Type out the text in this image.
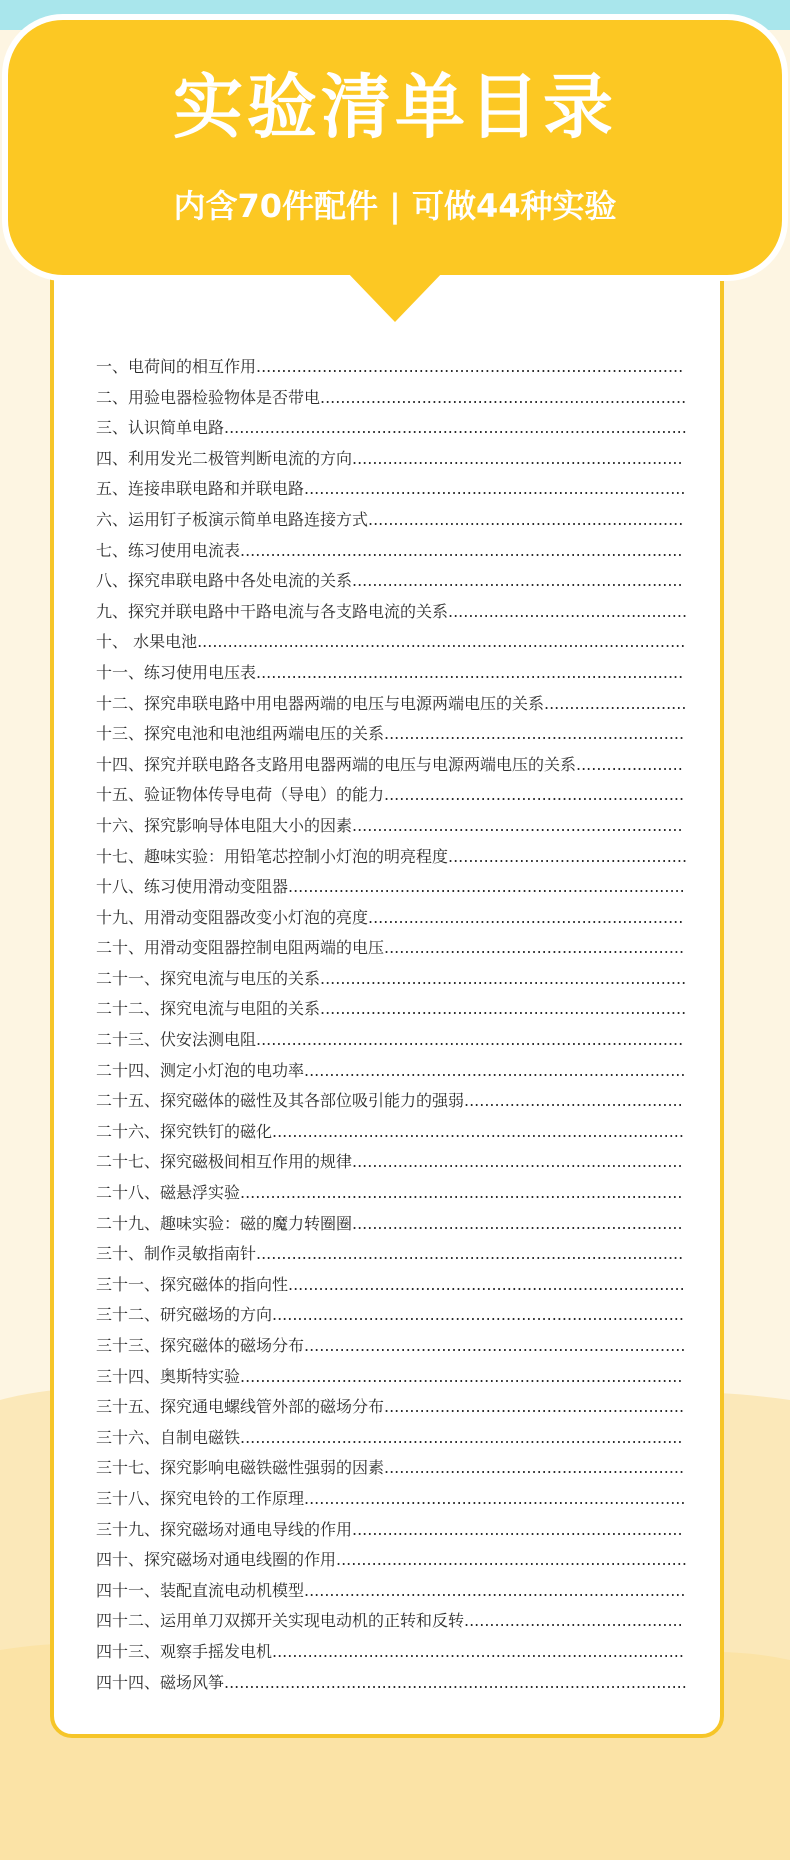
实验清单目录
内含70件配件 | 可做44种实验
一、电荷间的相互作用....................................................................................
二、用验电器检验物体是否带电........................................................................
三、认识简单电路...........................................................................................
四、利用发光二极管判断电流的方向.................................................................
五、连接串联电路和并联电路...........................................................................
六、运用钉子板演示简单电路连接方式..............................................................
七、练习使用电流表.......................................................................................
八、探究串联电路中各处电流的关系.................................................................
九、探究并联电路中干路电流与各支路电流的关系...............................................
十、 水果电池................................................................................................
十一、练习使用电压表....................................................................................
十二、探究串联电路中用电器两端的电压与电源两端电压的关系............................
十三、探究电池和电池组两端电压的关系...........................................................
十四、探究并联电路各支路用电器两端的电压与电源两端电压的关系.....................
十五、验证物体传导电荷（导电）的能力...........................................................
十六、探究影响导体电阻大小的因素.................................................................
十七、趣味实验：用铅笔芯控制小灯泡的明亮程度...............................................
十八、练习使用滑动变阻器..............................................................................
十九、用滑动变阻器改变小灯泡的亮度..............................................................
二十、用滑动变阻器控制电阻两端的电压...........................................................
二十一、探究电流与电压的关系........................................................................
二十二、探究电流与电阻的关系........................................................................
二十三、伏安法测电阻....................................................................................
二十四、测定小灯泡的电功率...........................................................................
二十五、探究磁体的磁性及其各部位吸引能力的强弱...........................................
二十六、探究铁钉的磁化.................................................................................
二十七、探究磁极间相互作用的规律.................................................................
二十八、磁悬浮实验.......................................................................................
二十九、趣味实验：磁的魔力转圈圈.................................................................
三十、制作灵敏指南针....................................................................................
三十一、探究磁体的指向性..............................................................................
三十二、研究磁场的方向.................................................................................
三十三、探究磁体的磁场分布...........................................................................
三十四、奥斯特实验.......................................................................................
三十五、探究通电螺线管外部的磁场分布...........................................................
三十六、自制电磁铁.......................................................................................
三十七、探究影响电磁铁磁性强弱的因素...........................................................
三十八、探究电铃的工作原理...........................................................................
三十九、探究磁场对通电导线的作用.................................................................
四十、探究磁场对通电线圈的作用.....................................................................
四十一、装配直流电动机模型...........................................................................
四十二、运用单刀双掷开关实现电动机的正转和反转...........................................
四十三、观察手摇发电机.................................................................................
四十四、磁场风筝...........................................................................................
